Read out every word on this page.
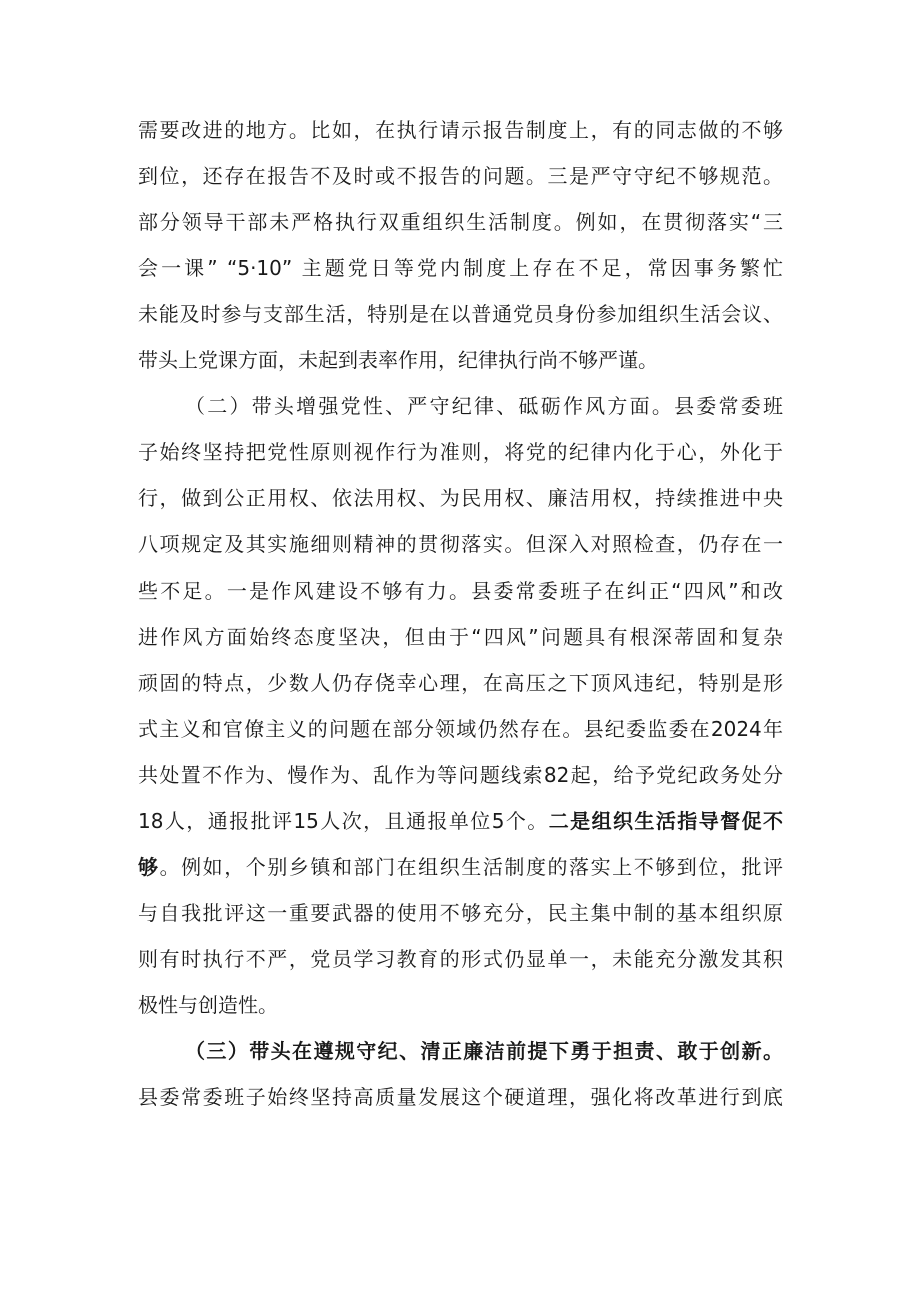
需要改进的地方。比如，在执行请示报告制度上，有的同志做的不够
到位，还存在报告不及时或不报告的问题。三是严守守纪不够规范。
部分领导干部未严格执行双重组织生活制度。例如，在贯彻落实“三
会一课” “5·10” 主题党日等党内制度上存在不足，常因事务繁忙
未能及时参与支部生活，特别是在以普通党员身份参加组织生活会议、
带头上党课方面，未起到表率作用，纪律执行尚不够严谨。
（二）带头增强党性、严守纪律、砥砺作风方面。县委常委班
子始终坚持把党性原则视作行为准则，将党的纪律内化于心，外化于
行，做到公正用权、依法用权、为民用权、廉洁用权，持续推进中央
八项规定及其实施细则精神的贯彻落实。但深入对照检查，仍存在一
些不足。一是作风建设不够有力。县委常委班子在纠正“四风”和改
进作风方面始终态度坚决，但由于“四风”问题具有根深蒂固和复杂
顽固的特点，少数人仍存侥幸心理，在高压之下顶风违纪，特别是形
式主义和官僚主义的问题在部分领域仍然存在。县纪委监委在2024年
共处置不作为、慢作为、乱作为等问题线索82起，给予党纪政务处分
18人，通报批评15人次，且通报单位5个。二是组织生活指导督促不
够。例如，个别乡镇和部门在组织生活制度的落实上不够到位，批评
与自我批评这一重要武器的使用不够充分，民主集中制的基本组织原
则有时执行不严，党员学习教育的形式仍显单一，未能充分激发其积
极性与创造性。
（三）带头在遵规守纪、清正廉洁前提下勇于担责、敢于创新。
县委常委班子始终坚持高质量发展这个硬道理，强化将改革进行到底
